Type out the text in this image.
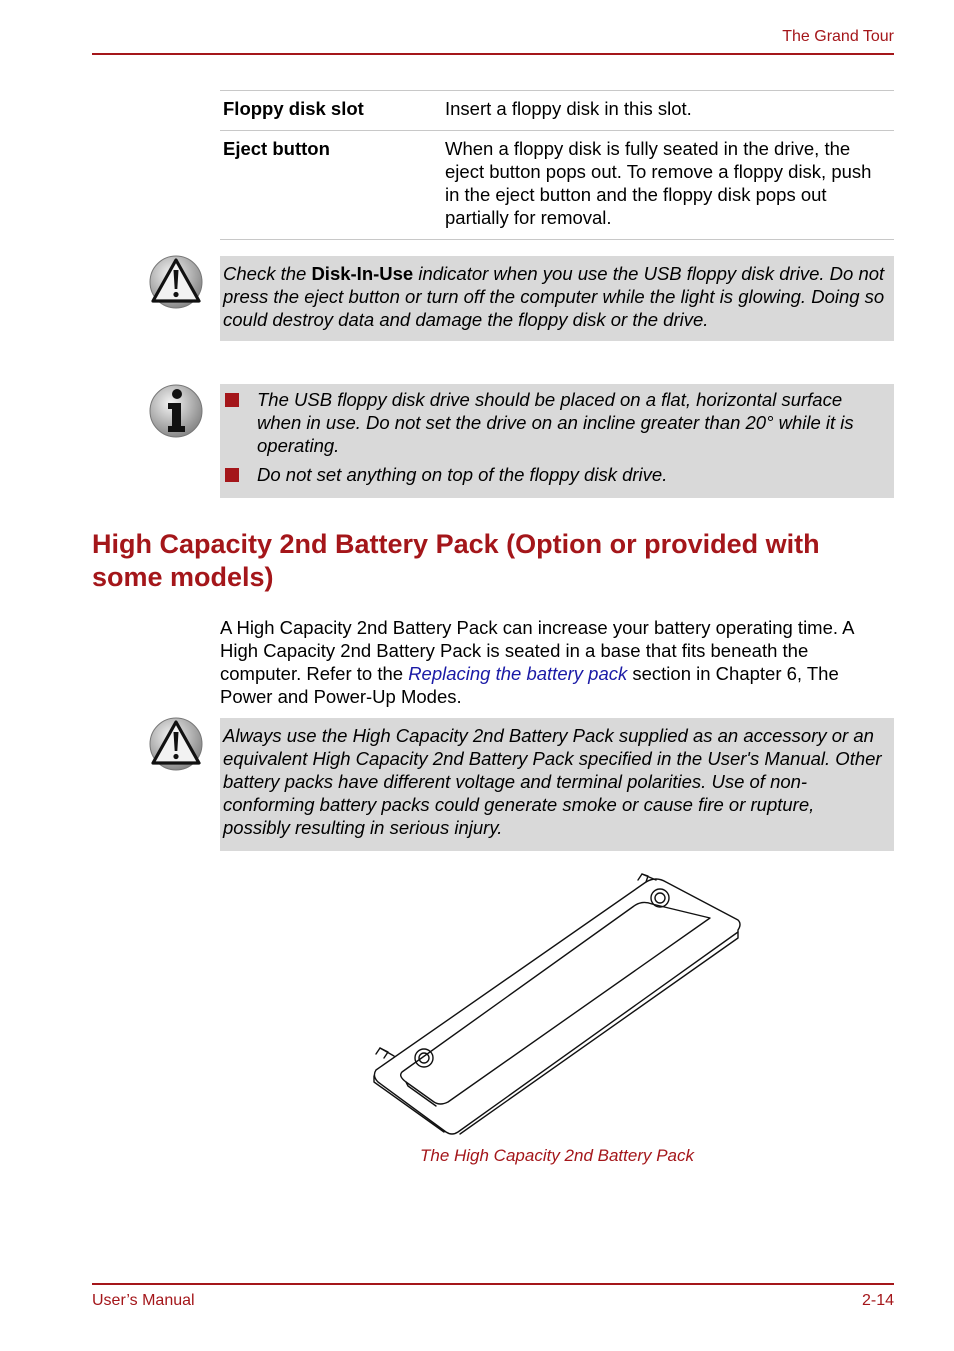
The Grand Tour
Floppy disk slot	Insert a floppy disk in this slot.
Eject button	When a floppy disk is fully seated in the drive, the eject button pops out. To remove a floppy disk, push in the eject button and the floppy disk pops out partially for removal.
Check the Disk-In-Use indicator when you use the USB floppy disk drive. Do not press the eject button or turn off the computer while the light is glowing. Doing so could destroy data and damage the floppy disk or the drive.
The USB floppy disk drive should be placed on a flat, horizontal surface when in use. Do not set the drive on an incline greater than 20° while it is operating.
Do not set anything on top of the floppy disk drive.
High Capacity 2nd Battery Pack (Option or provided with some models)
A High Capacity 2nd Battery Pack can increase your battery operating time. A High Capacity 2nd Battery Pack is seated in a base that fits beneath the computer. Refer to the Replacing the battery pack section in Chapter 6, The Power and Power-Up Modes.
Always use the High Capacity 2nd Battery Pack supplied as an accessory or an equivalent High Capacity 2nd Battery Pack specified in the User's Manual. Other battery packs have different voltage and terminal polarities. Use of non-conforming battery packs could generate smoke or cause fire or rupture, possibly resulting in serious injury.
The High Capacity 2nd Battery Pack
User’s Manual	2-14
